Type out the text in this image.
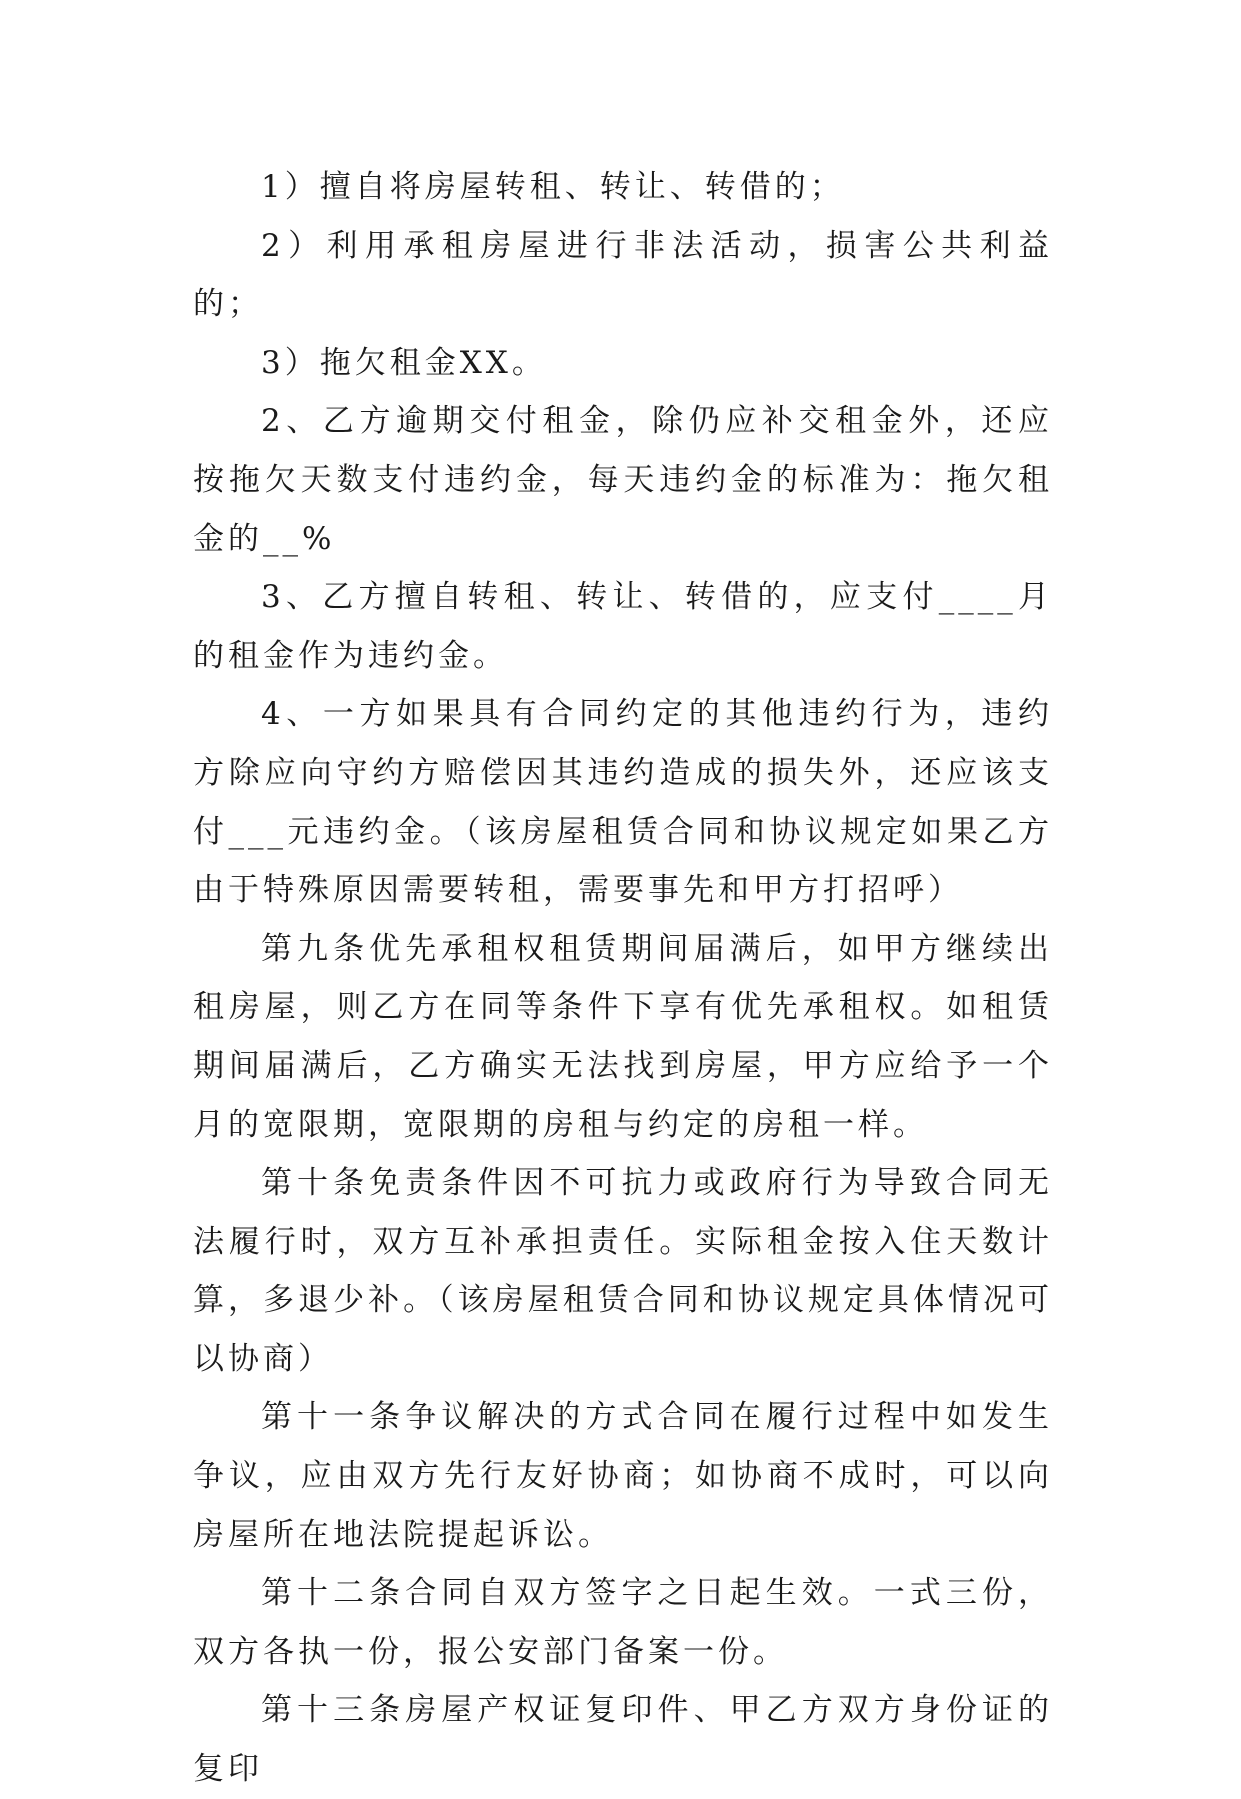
1）擅自将房屋转租、转让、转借的；

2）利用承租房屋进行非法活动，损害公共利益的；

3）拖欠租金XX。

2、乙方逾期交付租金，除仍应补交租金外，还应按拖欠天数支付违约金，每天违约金的标准为：拖欠租金的__%

3、乙方擅自转租、转让、转借的，应支付____月的租金作为违约金。

4、一方如果具有合同约定的其他违约行为，违约方除应向守约方赔偿因其违约造成的损失外，还应该支付___元违约金。（该房屋租赁合同和协议规定如果乙方由于特殊原因需要转租，需要事先和甲方打招呼）

第九条优先承租权租赁期间届满后，如甲方继续出租房屋，则乙方在同等条件下享有优先承租权。如租赁期间届满后，乙方确实无法找到房屋，甲方应给予一个月的宽限期，宽限期的房租与约定的房租一样。

第十条免责条件因不可抗力或政府行为导致合同无法履行时，双方互补承担责任。实际租金按入住天数计算，多退少补。（该房屋租赁合同和协议规定具体情况可以协商）

第十一条争议解决的方式合同在履行过程中如发生争议，应由双方先行友好协商；如协商不成时，可以向房屋所在地法院提起诉讼。

第十二条合同自双方签字之日起生效。一式三份，双方各执一份，报公安部门备案一份。

第十三条房屋产权证复印件、甲乙方双方身份证的复印
